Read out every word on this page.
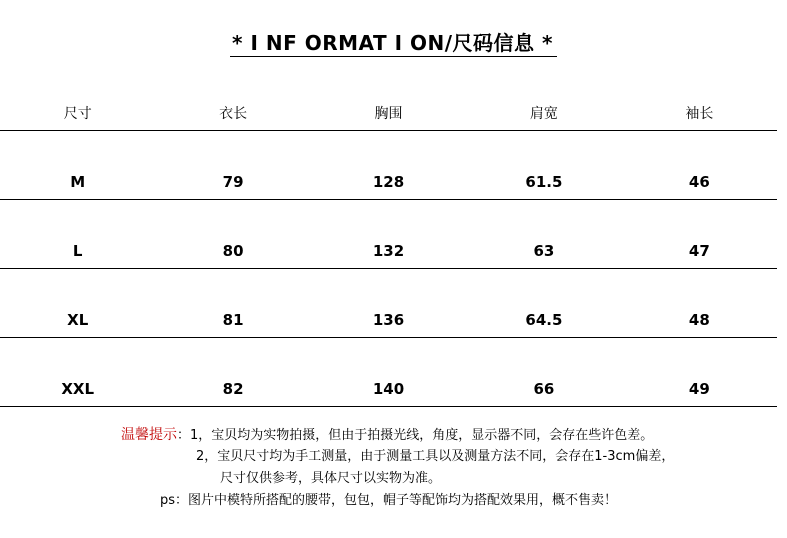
* I NF ORMAT I ON/尺码信息 *
尺寸	衣长	胸围	肩宽	袖长
M	79	128	61.5	46
L	80	132	63	47
XL	81	136	64.5	48
XXL	82	140	66	49
温馨提示：1，宝贝均为实物拍摄，但由于拍摄光线，角度，显示器不同，会存在些许色差。
2，宝贝尺寸均为手工测量，由于测量工具以及测量方法不同，会存在1-3cm偏差，
尺寸仅供参考，具体尺寸以实物为准。
ps：图片中模特所搭配的腰带，包包，帽子等配饰均为搭配效果用，概不售卖！
